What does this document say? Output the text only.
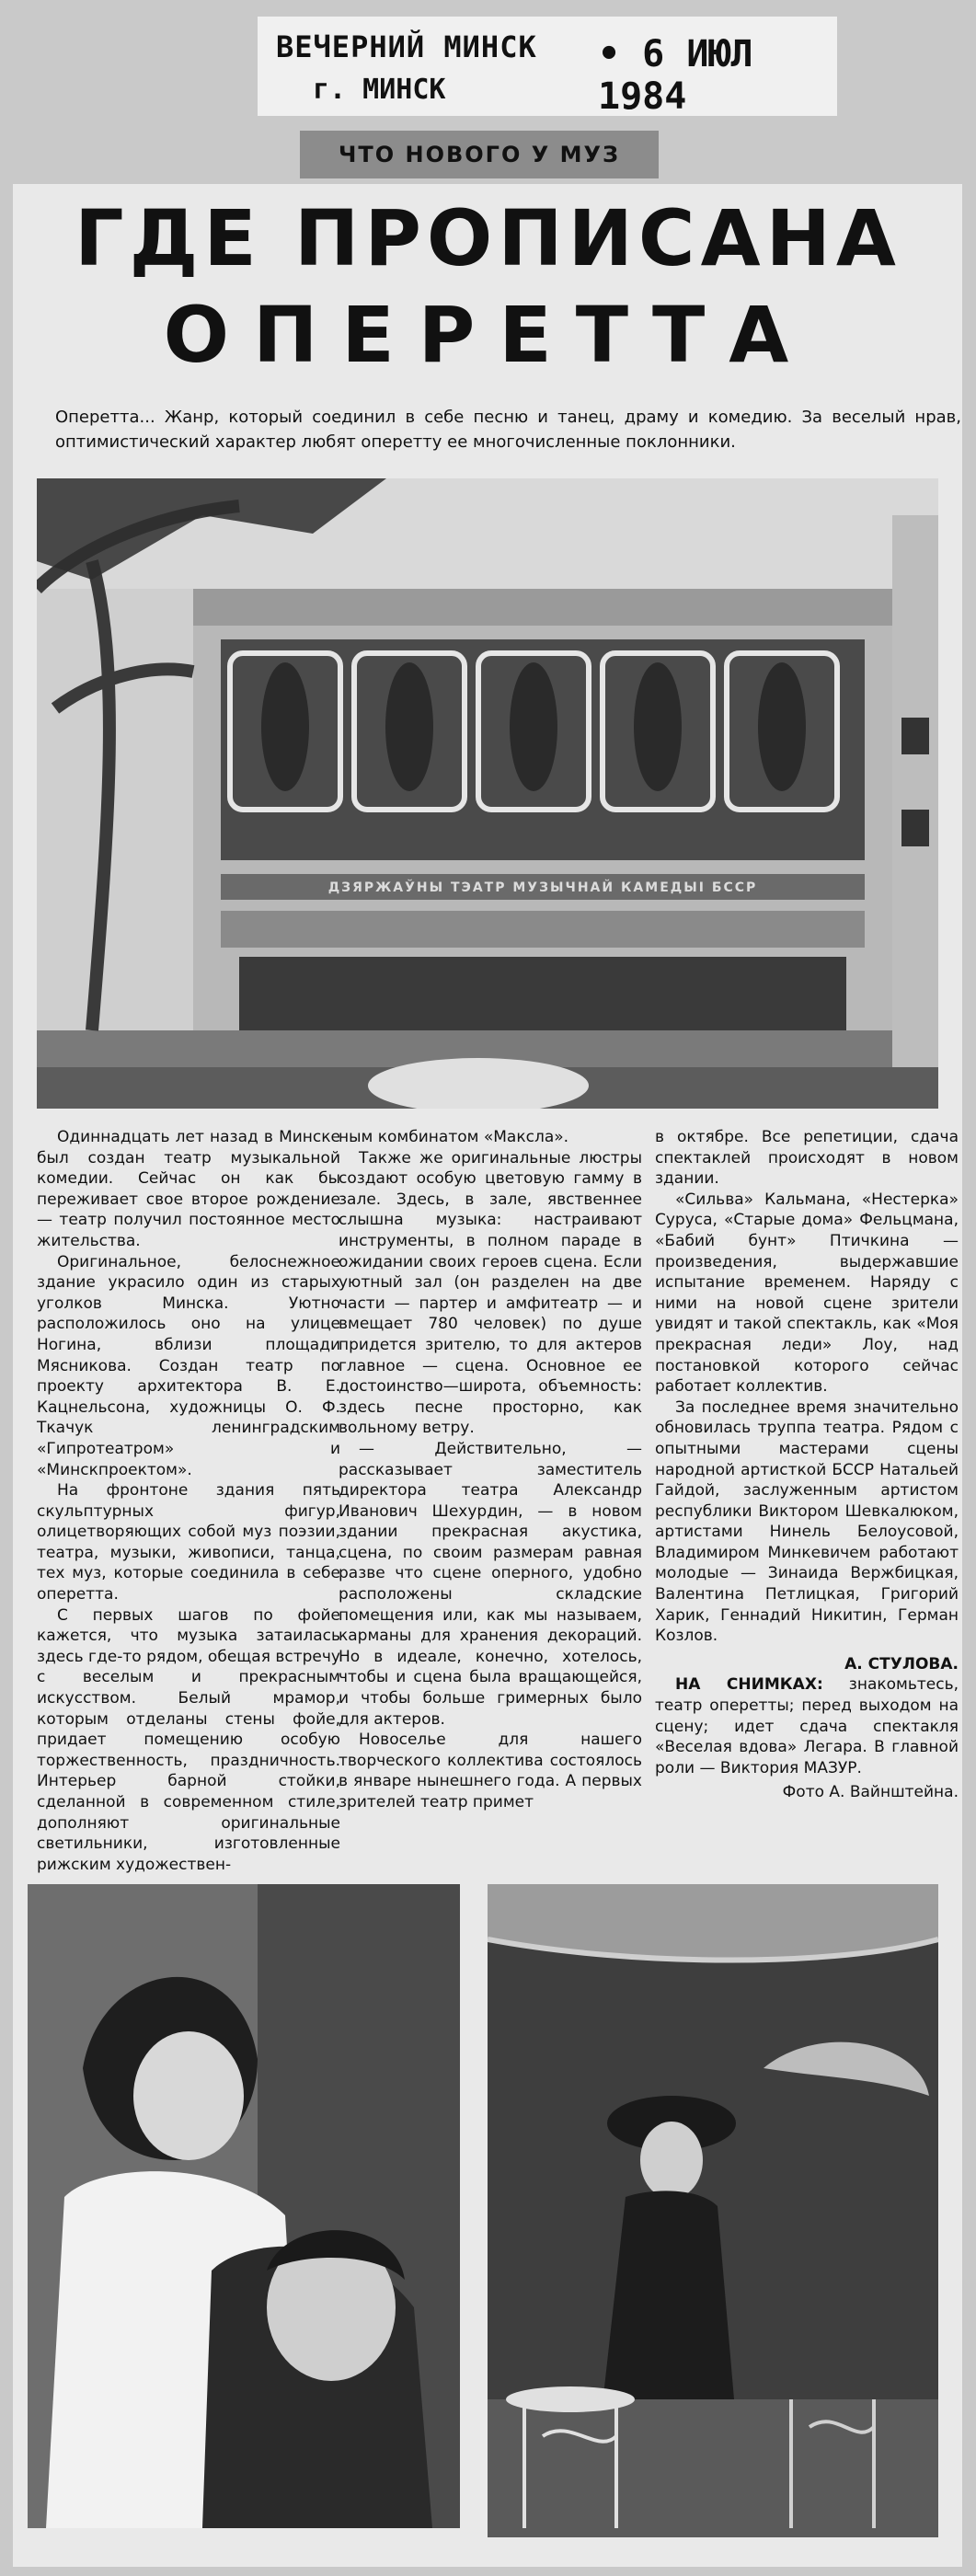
ВЕЧЕРНИЙ МИНСК
г. МИНСК
• 6 ИЮЛ 1984
ЧТО НОВОГО У МУЗ
ГДЕ ПРОПИСАНА
ОПЕРЕТТА
Оперетта... Жанр, который соединил в себе песню и танец, драму и комедию. За веселый нрав, оптимистический характер любят оперетту ее многочисленные поклонники.
ДЗЯРЖАЎНЫ ТЭАТР МУЗЫЧНАЙ КАМЕДЫІ БССР

Одиннадцать лет назад в Минске был создан театр музыкальной комедии. Сейчас он как бы переживает свое второе рождение — театр получил постоянное место жительства.

Оригинальное, белоснежное здание украсило один из старых уголков Минска. Уютно расположилось оно на улице Ногина, вблизи площади Мясникова. Создан театр по проекту архитектора В. Е. Кацнельсона, художницы О. Ф. Ткачук ленинградским «Гипротеатром» и «Минскпроектом».

На фронтоне здания пять скульптурных фигур, олицетворяющих собой муз поэзии, театра, музыки, живописи, танца, тех муз, которые соединила в себе оперетта.

С первых шагов по фойе кажется, что музыка затаилась здесь где-то рядом, обещая встречу с веселым и прекрасным искусством. Белый мрамор, которым отделаны стены фойе, придает помещению особую торжественность, праздничность. Интерьер барной стойки, сделанной в современном стиле, дополняют оригинальные светильники, изготовленные рижским художествен-

ным комбинатом «Максла».

Также же оригинальные люстры создают особую цветовую гамму в зале. Здесь, в зале, явственнее слышна музыка: настраивают инструменты, в полном параде в ожидании своих героев сцена. Если уютный зал (он разделен на две части — партер и амфитеатр — и вмещает 780 человек) по душе придется зрителю, то для актеров главное — сцена. Основное ее достоинство—широта, объемность: здесь песне просторно, как вольному ветру.

— Действительно, — рассказывает заместитель директора театра Александр Иванович Шехурдин, — в новом здании прекрасная акустика, сцена, по своим размерам равная разве что сцене оперного, удобно расположены складские помещения или, как мы называем, карманы для хранения декораций. Но в идеале, конечно, хотелось, чтобы и сцена была вращающейся, и чтобы больше гримерных было для актеров.

Новоселье для нашего творческого коллектива состоялось в январе нынешнего года. А первых зрителей театр примет

в октябре. Все репетиции, сдача спектаклей происходят в новом здании.

«Сильва» Кальмана, «Нестерка» Суруса, «Старые дома» Фельцмана, «Бабий бунт» Птичкина — произведения, выдержавшие испытание временем. Наряду с ними на новой сцене зрители увидят и такой спектакль, как «Моя прекрасная леди» Лоу, над постановкой которого сейчас работает коллектив.

За последнее время значительно обновилась труппа театра. Рядом с опытными мастерами сцены народной артисткой БССР Натальей Гайдой, заслуженным артистом республики Виктором Шевкалюком, артистами Нинель Белоусовой, Владимиром Минкевичем работают молодые — Зинаида Вержбицкая, Валентина Петлицкая, Григорий Харик, Геннадий Никитин, Герман Козлов.

А. СТУЛОВА.

НА СНИМКАХ: знакомьтесь, театр оперетты; перед выходом на сцену; идет сдача спектакля «Веселая вдова» Легара. В главной роли — Виктория МАЗУР.

Фото А. Вайнштейна.
